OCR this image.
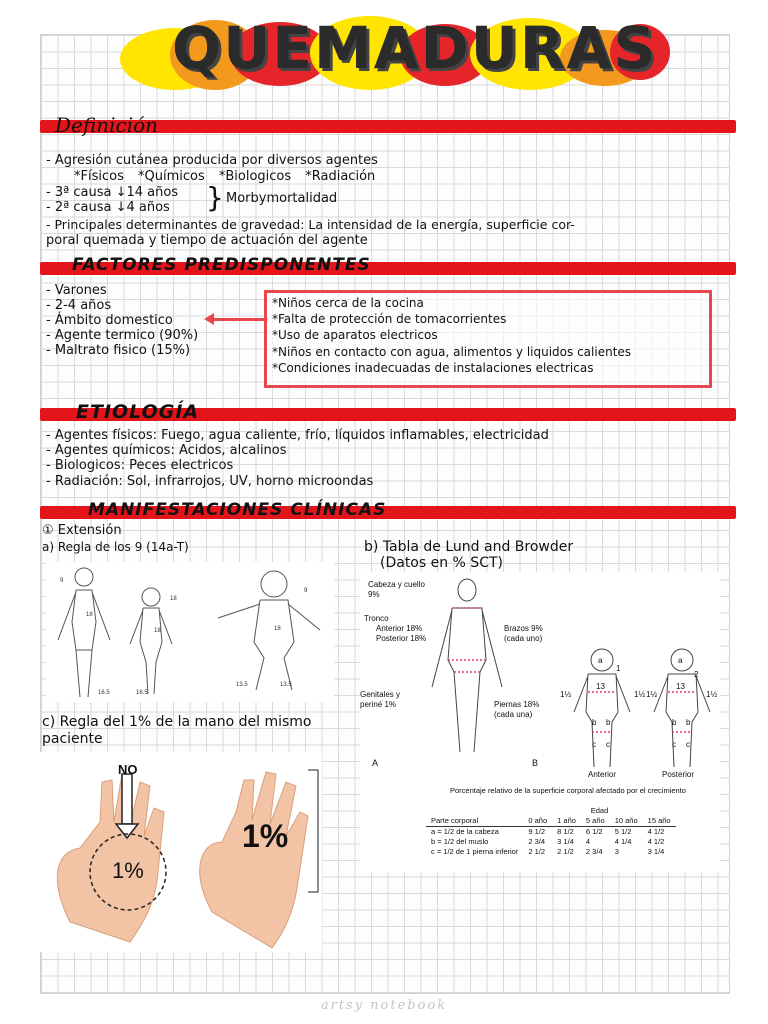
QUEMADURAS
Definición
- Agresión cutánea producida por diversos agentes
*Físicos *Químicos *Biologicos *Radiación
- 3ª causa ↓14 años
- 2ª causa ↓4 años } Morbymortalidad
- Principales determinantes de gravedad: La intensidad de la energía, superficie cor-
poral quemada y tiempo de actuación del agente
FACTORES PREDISPONENTES
- Varones
- 2-4 años
- Ámbito domestico
- Agente termico (90%)
- Maltrato fisico (15%)
*Niños cerca de la cocina
*Falta de protección de tomacorrientes
*Uso de aparatos electricos
*Niños en contacto con agua, alimentos y liquidos calientes
*Condiciones inadecuadas de instalaciones electricas
ETIOLOGÍA
- Agentes físicos: Fuego, agua caliente, frío, líquidos inflamables, electricidad
- Agentes químicos: Acidos, alcalinos
- Biologicos: Peces electricos
- Radiación: Sol, infrarrojos, UV, horno microondas
MANIFESTACIONES CLÍNICAS
① Extensión
a) Regla de los 9 (14a-T)
18
9
18
18
18
9
16.5	16.5
13.5	13.5
b) Tabla de Lund and Browder
(Datos en % SCT)
Cabeza y cuello 9%
Tronco
Anterior 18%
Posterior 18%
Brazos 9%
(cada uno)
Genitales y
periné 1%	Piernas 18%
(cada una)
A	B
a
1
13
1½	1½
b b
c c
Anterior
a
2
13
1½	1½
b b
c c
Posterior
Porcentaje relativo de la superficie corporal afectado por el crecimiento
	Edad				
Parte corporal	0 año	1 año	5 año	10 año	15 año
a = 1/2 de la cabeza	9 1/2	8 1/2	6 1/2	5 1/2	4 1/2
b = 1/2 del muslo	2 3/4	3 1/4	4	4 1/4	4 1/2
c = 1/2 de 1 pierna inferior	2 1/2	2 1/2	2 3/4	3	3 1/4
c) Regla del 1% de la mano del mismo
paciente
NO
1%
1%
artsy notebook
